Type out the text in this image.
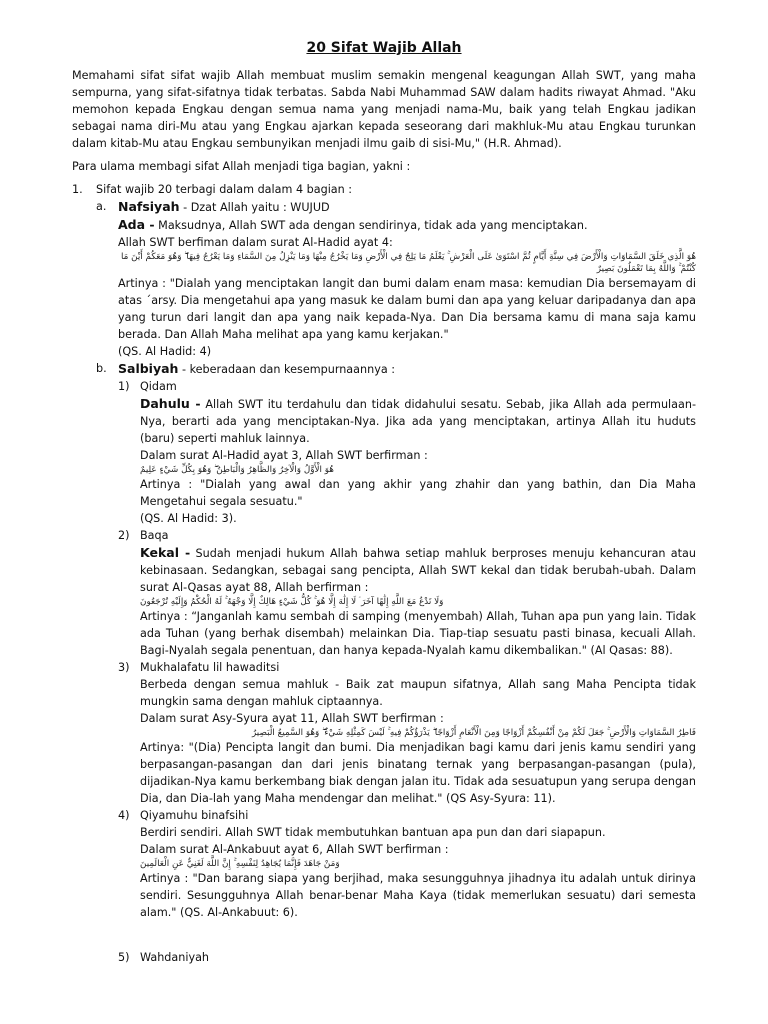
20 Sifat Wajib Allah

Memahami sifat sifat wajib Allah membuat muslim semakin mengenal keagungan Allah SWT, yang maha sempurna, yang sifat-sifatnya tidak terbatas. Sabda Nabi Muhammad SAW dalam hadits riwayat Ahmad. "Aku memohon kepada Engkau dengan semua nama yang menjadi nama-Mu, baik yang telah Engkau jadikan sebagai nama diri-Mu atau yang Engkau ajarkan kepada seseorang dari makhluk-Mu atau Engkau turunkan dalam kitab-Mu atau Engkau sembunyikan menjadi ilmu gaib di sisi-Mu," (H.R. Ahmad).

Para ulama membagi sifat Allah menjadi tiga bagian, yakni :

1. Sifat wajib 20 terbagi dalam dalam 4 bagian :

a. Nafsiyah - Dzat Allah yaitu : WUJUD

Ada - Maksudnya, Allah SWT ada dengan sendirinya, tidak ada yang menciptakan.

Allah SWT berfiman dalam surat Al-Hadid ayat 4:

هُوَ الَّذِي خَلَقَ السَّمَاوَاتِ وَالْأَرْضَ فِي سِتَّةِ أَيَّامٍ ثُمَّ اسْتَوَىٰ عَلَى الْعَرْشِ ۚ يَعْلَمُ مَا يَلِجُ فِي الْأَرْضِ وَمَا يَخْرُجُ مِنْهَا وَمَا يَنْزِلُ مِنَ السَّمَاءِ وَمَا يَعْرُجُ فِيهَا ۖ وَهُوَ مَعَكُمْ أَيْنَ مَا كُنْتُمْ ۚ وَاللَّهُ بِمَا تَعْمَلُونَ بَصِيرٌ

Artinya : "Dialah yang menciptakan langit dan bumi dalam enam masa: kemudian Dia bersemayam di atas ´arsy. Dia mengetahui apa yang masuk ke dalam bumi dan apa yang keluar daripadanya dan apa yang turun dari langit dan apa yang naik kepada-Nya. Dan Dia bersama kamu di mana saja kamu berada. Dan Allah Maha melihat apa yang kamu kerjakan."

(QS. Al Hadid: 4)

b. Salbiyah - keberadaan dan kesempurnaannya :

1) Qidam

Dahulu - Allah SWT itu terdahulu dan tidak didahului sesatu. Sebab, jika Allah ada permulaan-Nya, berarti ada yang menciptakan-Nya. Jika ada yang menciptakan, artinya Allah itu huduts (baru) seperti mahluk lainnya.

Dalam surat Al-Hadid ayat 3, Allah SWT berfirman :

هُوَ الْأَوَّلُ وَالْآخِرُ وَالظَّاهِرُ وَالْبَاطِنُ ۖ وَهُوَ بِكُلِّ شَيْءٍ عَلِيمٌ

Artinya : "Dialah yang awal dan yang akhir yang zhahir dan yang bathin, dan Dia Maha Mengetahui segala sesuatu."

(QS. Al Hadid: 3).

2) Baqa

Kekal - Sudah menjadi hukum Allah bahwa setiap mahluk berproses menuju kehancuran atau kebinasaan. Sedangkan, sebagai sang pencipta, Allah SWT kekal dan tidak berubah-ubah. Dalam surat Al-Qasas ayat 88, Allah berfirman :

وَلَا تَدْعُ مَعَ اللَّهِ إِلَٰهًا آخَرَ ۘ لَا إِلَٰهَ إِلَّا هُوَ ۚ كُلُّ شَيْءٍ هَالِكٌ إِلَّا وَجْهَهُ ۚ لَهُ الْحُكْمُ وَإِلَيْهِ تُرْجَعُونَ

Artinya : “Janganlah kamu sembah di samping (menyembah) Allah, Tuhan apa pun yang lain. Tidak ada Tuhan (yang berhak disembah) melainkan Dia. Tiap-tiap sesuatu pasti binasa, kecuali Allah. Bagi-Nyalah segala penentuan, dan hanya kepada-Nyalah kamu dikembalikan." (Al Qasas: 88).

3) Mukhalafatu lil hawaditsi

Berbeda dengan semua mahluk - Baik zat maupun sifatnya, Allah sang Maha Pencipta tidak mungkin sama dengan mahluk ciptaannya.

Dalam surat Asy-Syura ayat 11, Allah SWT berfirman :

فَاطِرُ السَّمَاوَاتِ وَالْأَرْضِ ۚ جَعَلَ لَكُمْ مِنْ أَنْفُسِكُمْ أَزْوَاجًا وَمِنَ الْأَنْعَامِ أَزْوَاجًا ۖ يَذْرَؤُكُمْ فِيهِ ۚ لَيْسَ كَمِثْلِهِ شَيْءٌ ۖ وَهُوَ السَّمِيعُ الْبَصِيرُ

Artinya: "(Dia) Pencipta langit dan bumi. Dia menjadikan bagi kamu dari jenis kamu sendiri yang berpasangan-pasangan dan dari jenis binatang ternak yang berpasangan-pasangan (pula), dijadikan-Nya kamu berkembang biak dengan jalan itu. Tidak ada sesuatupun yang serupa dengan Dia, dan Dia-lah yang Maha mendengar dan melihat." (QS Asy-Syura: 11).

4) Qiyamuhu binafsihi

Berdiri sendiri. Allah SWT tidak membutuhkan bantuan apa pun dan dari siapapun.

Dalam surat Al-Ankabuut ayat 6, Allah SWT berfirman :

وَمَنْ جَاهَدَ فَإِنَّمَا يُجَاهِدُ لِنَفْسِهِ ۚ إِنَّ اللَّهَ لَغَنِيٌّ عَنِ الْعَالَمِينَ

Artinya : "Dan barang siapa yang berjihad, maka sesungguhnya jihadnya itu adalah untuk dirinya sendiri. Sesungguhnya Allah benar-benar Maha Kaya (tidak memerlukan sesuatu) dari semesta alam." (QS. Al-Ankabuut: 6).

5) Wahdaniyah
